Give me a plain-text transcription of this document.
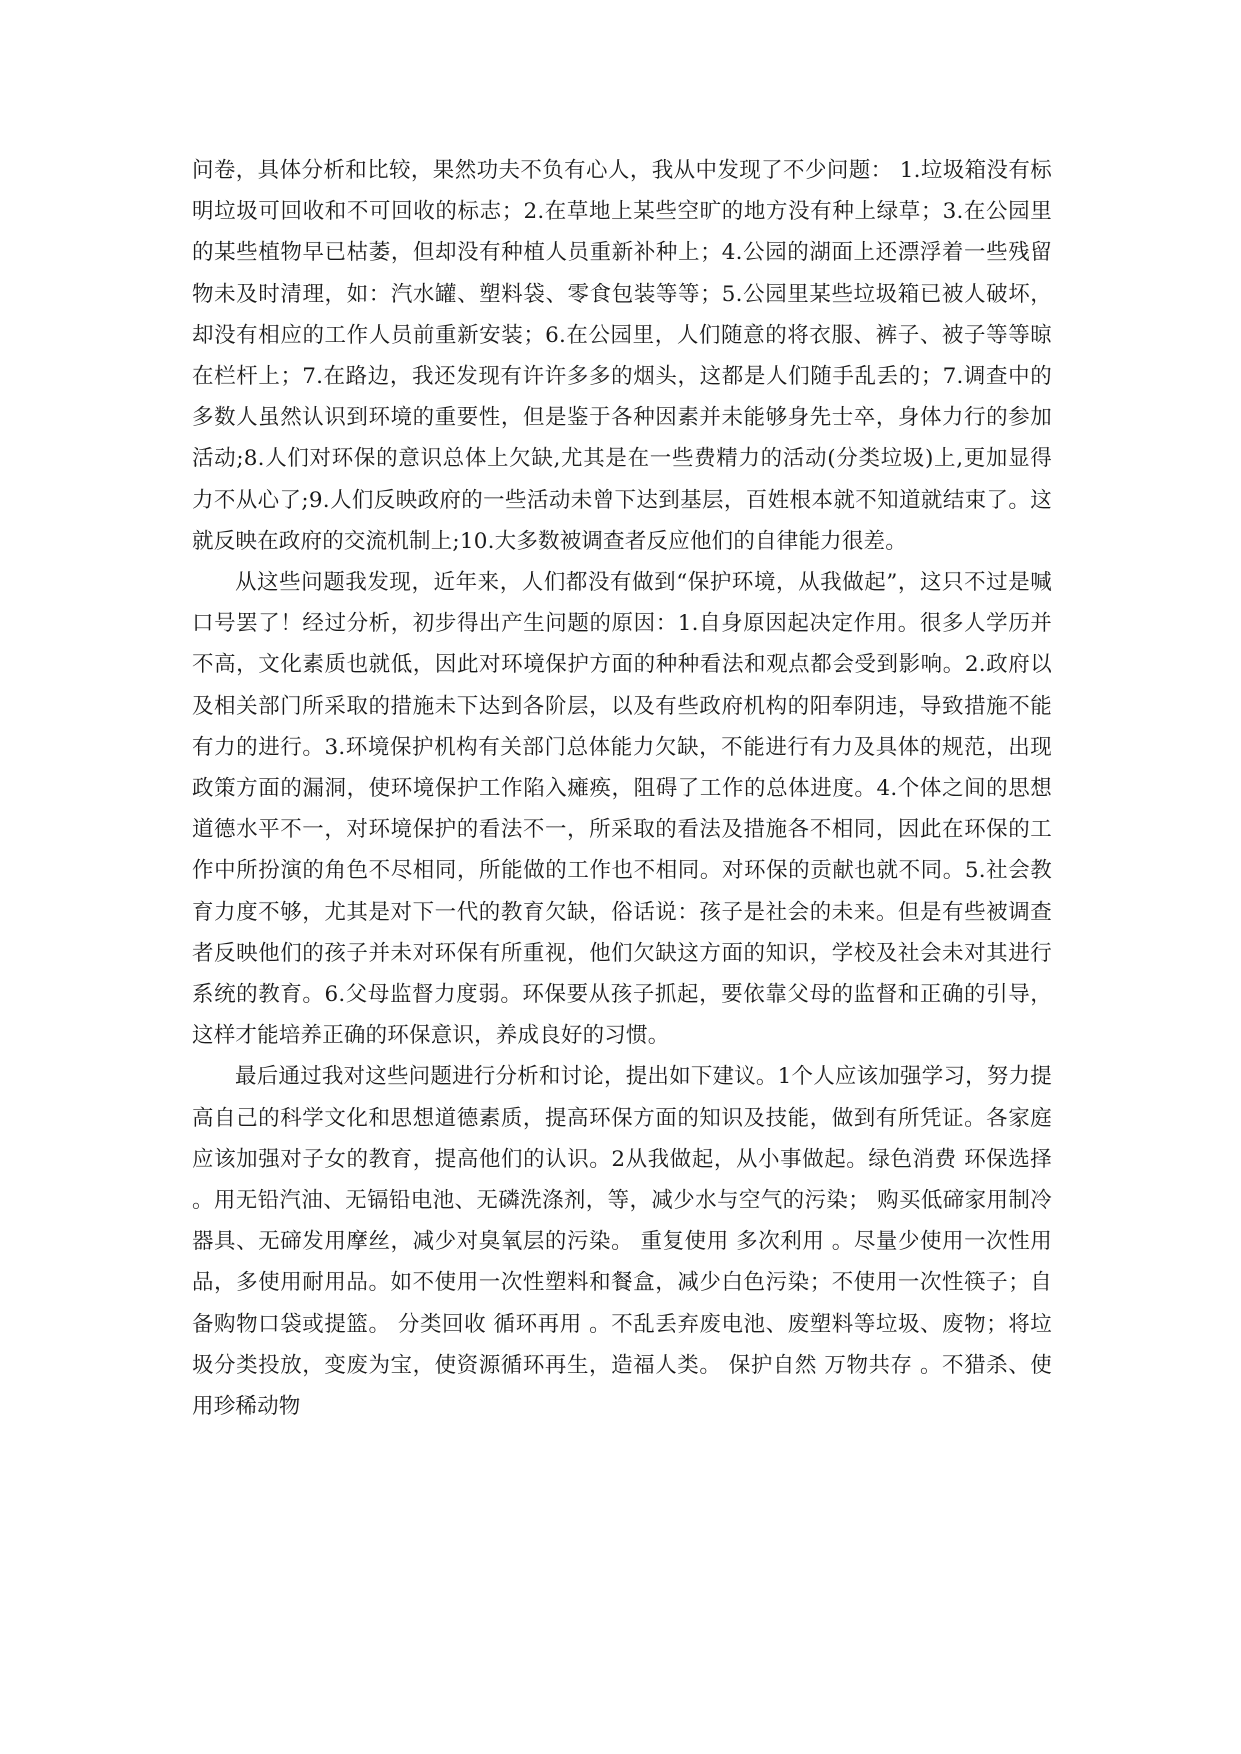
问卷，具体分析和比较，果然功夫不负有心人，我从中发现了不少问题： 1.垃圾箱没有标明垃圾可回收和不可回收的标志；2.在草地上某些空旷的地方没有种上绿草；3.在公园里的某些植物早已枯萎，但却没有种植人员重新补种上；4.公园的湖面上还漂浮着一些残留物未及时清理，如：汽水罐、塑料袋、零食包装等等；5.公园里某些垃圾箱已被人破坏，却没有相应的工作人员前重新安装；6.在公园里，人们随意的将衣服、裤子、被子等等晾在栏杆上；7.在路边，我还发现有许许多多的烟头，这都是人们随手乱丢的；7.调查中的多数人虽然认识到环境的重要性，但是鉴于各种因素并未能够身先士卒，身体力行的参加活动;8.人们对环保的意识总体上欠缺,尤其是在一些费精力的活动(分类垃圾)上,更加显得力不从心了;9.人们反映政府的一些活动未曾下达到基层，百姓根本就不知道就结束了。这就反映在政府的交流机制上;10.大多数被调查者反应他们的自律能力很差。

从这些问题我发现，近年来，人们都没有做到“保护环境，从我做起”，这只不过是喊口号罢了！经过分析，初步得出产生问题的原因：1.自身原因起决定作用。很多人学历并不高，文化素质也就低，因此对环境保护方面的种种看法和观点都会受到影响。2.政府以及相关部门所采取的措施未下达到各阶层，以及有些政府机构的阳奉阴违，导致措施不能有力的进行。3.环境保护机构有关部门总体能力欠缺，不能进行有力及具体的规范，出现政策方面的漏洞，使环境保护工作陷入瘫痪，阻碍了工作的总体进度。4.个体之间的思想道德水平不一，对环境保护的看法不一，所采取的看法及措施各不相同，因此在环保的工作中所扮演的角色不尽相同，所能做的工作也不相同。对环保的贡献也就不同。5.社会教育力度不够，尤其是对下一代的教育欠缺，俗话说：孩子是社会的未来。但是有些被调查者反映他们的孩子并未对环保有所重视，他们欠缺这方面的知识，学校及社会未对其进行系统的教育。6.父母监督力度弱。环保要从孩子抓起，要依靠父母的监督和正确的引导，这样才能培养正确的环保意识，养成良好的习惯。

最后通过我对这些问题进行分析和讨论，提出如下建议。1个人应该加强学习，努力提高自己的科学文化和思想道德素质，提高环保方面的知识及技能，做到有所凭证。各家庭应该加强对子女的教育，提高他们的认识。2从我做起，从小事做起。绿色消费 环保选择 。用无铅汽油、无镉铅电池、无磷洗涤剂，等，减少水与空气的污染； 购买低碲家用制冷器具、无碲发用摩丝，减少对臭氧层的污染。 重复使用 多次利用 。尽量少使用一次性用品，多使用耐用品。如不使用一次性塑料和餐盒，减少白色污染；不使用一次性筷子；自备购物口袋或提篮。 分类回收 循环再用 。不乱丢弃废电池、废塑料等垃圾、废物；将垃圾分类投放，变废为宝，使资源循环再生，造福人类。 保护自然 万物共存 。不猎杀、使用珍稀动物
